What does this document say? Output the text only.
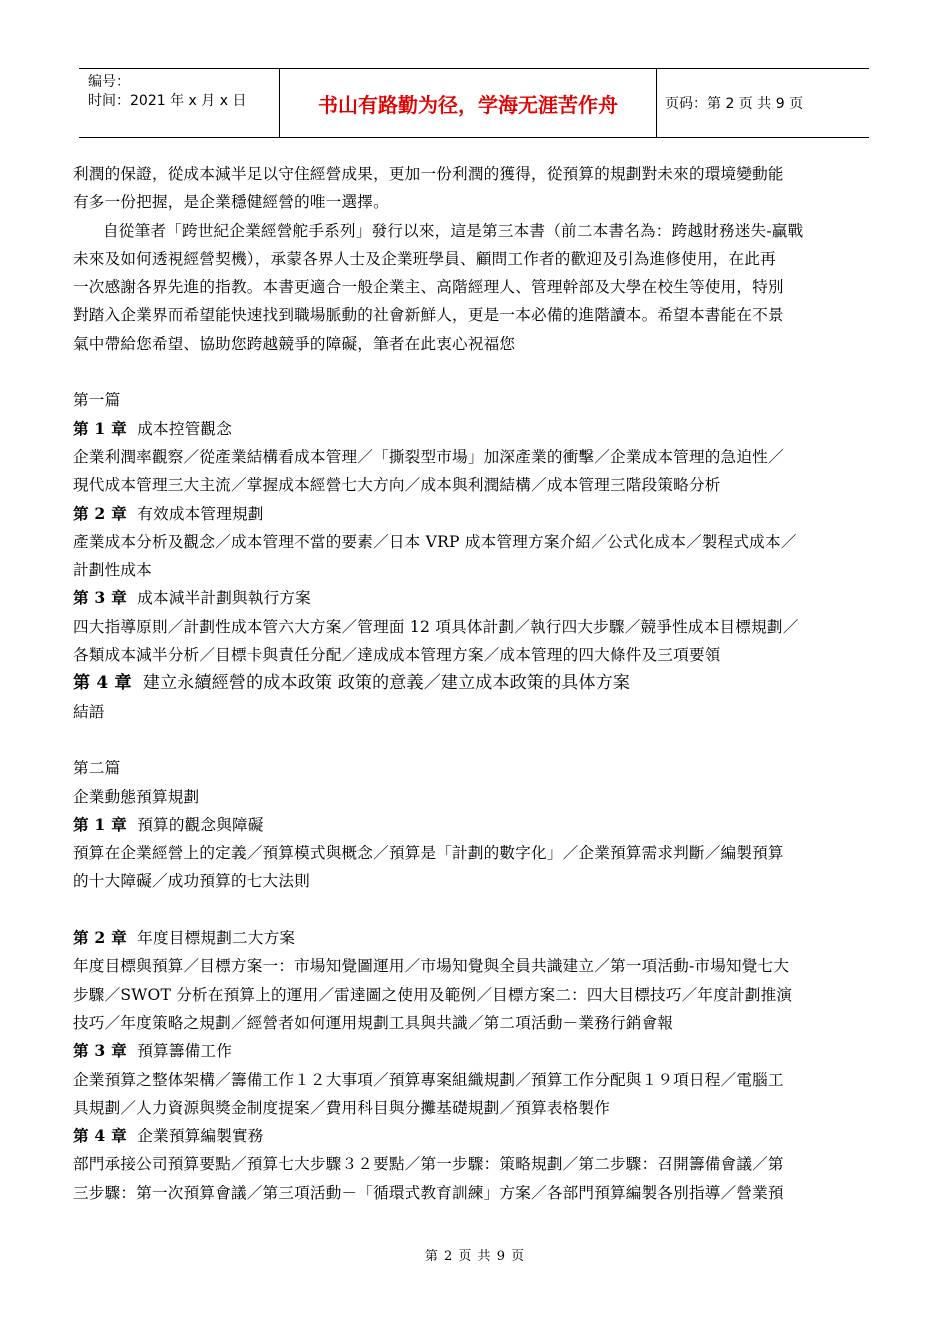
编号：
时间：2021 年 x 月 x 日	书山有路勤为径，学海无涯苦作舟	页码：第 2 页 共 9 页
利潤的保證，從成本減半足以守住經營成果，更加一份利潤的獲得，從預算的規劃對未來的環境變動能
有多一份把握，是企業穩健經營的唯一選擇。
自從筆者「跨世紀企業經營舵手系列」發行以來，這是第三本書（前二本書名為：跨越財務迷失-贏戰
未來及如何透視經營契機），承蒙各界人士及企業班學員、顧問工作者的歡迎及引為進修使用，在此再
一次感謝各界先進的指教。本書更適合一般企業主、高階經理人、管理幹部及大學在校生等使用，特別
對踏入企業界而希望能快速找到職場脈動的社會新鮮人，更是一本必備的進階讀本。希望本書能在不景
氣中帶給您希望、協助您跨越競爭的障礙，筆者在此衷心祝福您
第一篇
第 1 章 成本控管觀念
企業利潤率觀察／從產業結構看成本管理／「撕裂型市場」加深產業的衝擊／企業成本管理的急迫性／
現代成本管理三大主流／掌握成本經營七大方向／成本與利潤結構／成本管理三階段策略分析
第 2 章 有效成本管理規劃
產業成本分析及觀念／成本管理不當的要素／日本 VRP 成本管理方案介紹／公式化成本／製程式成本／
計劃性成本
第 3 章 成本減半計劃與執行方案
四大指導原則／計劃性成本管六大方案／管理面 12 項具体計劃／執行四大步驟／競爭性成本目標規劃／
各類成本減半分析／目標卡與責任分配／達成成本管理方案／成本管理的四大條件及三項要領
第 4 章 建立永續經營的成本政策 政策的意義／建立成本政策的具体方案
結語
第二篇
企業動態預算規劃
第 1 章 預算的觀念與障礙
預算在企業經營上的定義／預算模式與概念／預算是「計劃的數字化」／企業預算需求判斷／編製預算
的十大障礙／成功預算的七大法則
第 2 章 年度目標規劃二大方案
年度目標與預算／目標方案一：市場知覺圖運用／市場知覺與全員共識建立／第一項活動-市場知覺七大
步驟／SWOT 分析在預算上的運用／雷達圖之使用及範例／目標方案二：四大目標技巧／年度計劃推演
技巧／年度策略之規劃／經營者如何運用規劃工具與共識／第二項活動－業務行銷會報
第 3 章 預算籌備工作
企業預算之整体架構／籌備工作１２大事項／預算專案組織規劃／預算工作分配與１９項日程／電腦工
具規劃／人力資源與獎金制度提案／費用科目與分攤基礎規劃／預算表格製作
第 4 章 企業預算編製實務
部門承接公司預算要點／預算七大步驟３２要點／第一步驟：策略規劃／第二步驟：召開籌備會議／第
三步驟：第一次預算會議／第三項活動－「循環式教育訓練」方案／各部門預算編製各別指導／營業預
第 2 页 共 9 页
